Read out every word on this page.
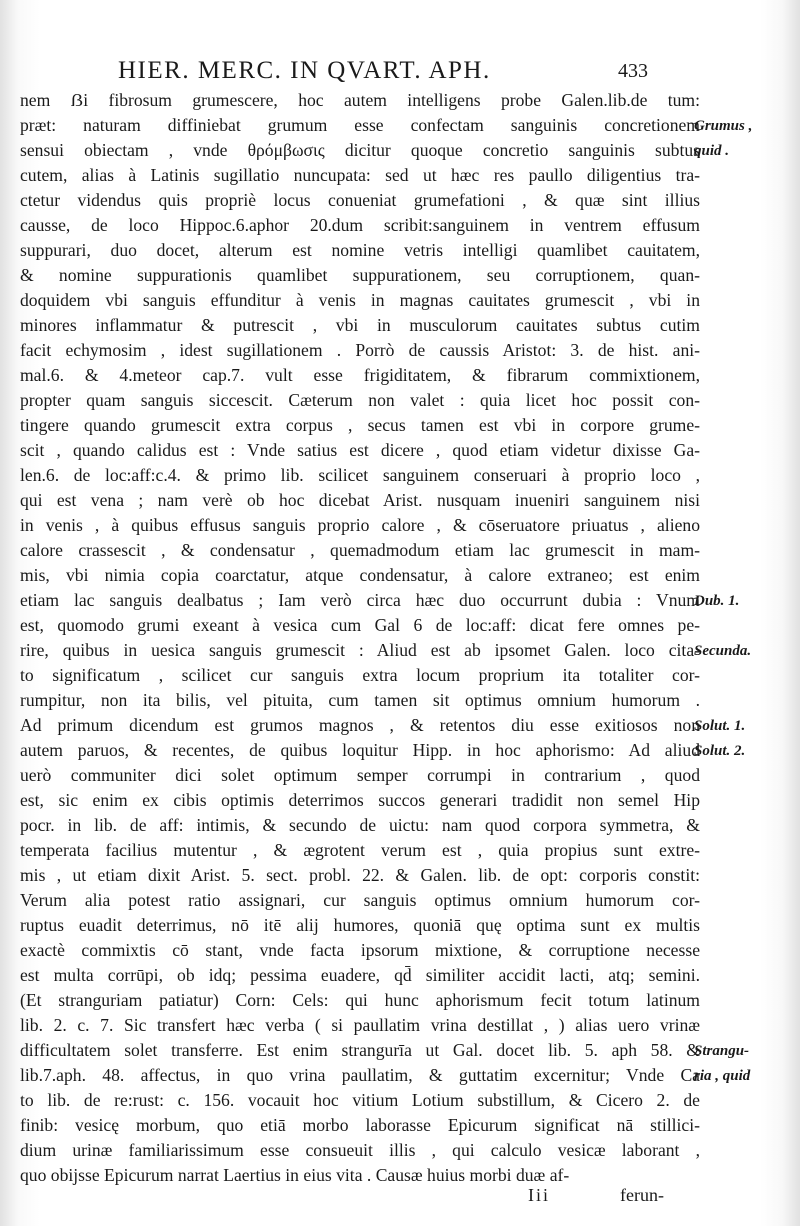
HIER. MERC. IN QVART. APH.	433
nem ẞi fibrosum grumescere, hoc autem intelligens probe Galen.lib.de tum:
præt: naturam diffiniebat grumum esse confectam sanguinis concretionem
sensui obiectam , vnde θρόμβωσις dicitur quoque concretio sanguinis subtus
cutem, alias à Latinis sugillatio nuncupata: sed ut hæc res paullo diligentius tra-
ctetur videndus quis propriè locus conueniat grumefationi , & quæ sint illius
causse, de loco Hippoc.6.aphor 20.dum scribit:sanguinem in ventrem effusum
suppurari, duo docet, alterum est nomine vetris intelligi quamlibet cauitatem,
& nomine suppurationis quamlibet suppurationem, seu corruptionem, quan-
doquidem vbi sanguis effunditur à venis in magnas cauitates grumescit , vbi in
minores inflammatur & putrescit , vbi in musculorum cauitates subtus cutim
facit echymosim , idest sugillationem . Porrò de caussis Aristot: 3. de hist. ani-
mal.6. & 4.meteor cap.7. vult esse frigiditatem, & fibrarum commixtionem,
propter quam sanguis siccescit. Cæterum non valet : quia licet hoc possit con-
tingere quando grumescit extra corpus , secus tamen est vbi in corpore grume-
scit , quando calidus est : Vnde satius est dicere , quod etiam videtur dixisse Ga-
len.6. de loc:aff:c.4. & primo lib. scilicet sanguinem conseruari à proprio loco ,
qui est vena ; nam verè ob hoc dicebat Arist. nusquam inueniri sanguinem nisi
in venis , à quibus effusus sanguis proprio calore , & cōseruatore priuatus , alieno
calore crassescit , & condensatur , quemadmodum etiam lac grumescit in mam-
mis, vbi nimia copia coarctatur, atque condensatur, à calore extraneo; est enim
etiam lac sanguis dealbatus ; Iam verò circa hæc duo occurrunt dubia : Vnum
est, quomodo grumi exeant à vesica cum Gal 6 de loc:aff: dicat fere omnes pe-
rire, quibus in uesica sanguis grumescit : Aliud est ab ipsomet Galen. loco cita-
to significatum , scilicet cur sanguis extra locum proprium ita totaliter cor-
rumpitur, non ita bilis, vel pituita, cum tamen sit optimus omnium humorum .
Ad primum dicendum est grumos magnos , & retentos diu esse exitiosos non
autem paruos, & recentes, de quibus loquitur Hipp. in hoc aphorismo: Ad aliud
uerò communiter dici solet optimum semper corrumpi in contrarium , quod
est, sic enim ex cibis optimis deterrimos succos generari tradidit non semel Hip
pocr. in lib. de aff: intimis, & secundo de uictu: nam quod corpora symmetra, &
temperata facilius mutentur , & ægrotent verum est , quia propius sunt extre-
mis , ut etiam dixit Arist. 5. sect. probl. 22. & Galen. lib. de opt: corporis constit:
Verum alia potest ratio assignari, cur sanguis optimus omnium humorum cor-
ruptus euadit deterrimus, nō itē alij humores, quoniā quę optima sunt ex multis
exactè commixtis cō stant, vnde facta ipsorum mixtione, & corruptione necesse
est multa corrūpi, ob idq; pessima euadere, qd̄ similiter accidit lacti, atq; semini.
(Et stranguriam patiatur) Corn: Cels: qui hunc aphorismum fecit totum latinum
lib. 2. c. 7. Sic transfert hæc verba ( si paullatim vrina destillat , ) alias uero vrinæ
difficultatem solet transferre. Est enim strangurīa ut Gal. docet lib. 5. aph 58. &
lib.7.aph. 48. affectus, in quo vrina paullatim, & guttatim excernitur; Vnde Ca
to lib. de re:rust: c. 156. vocauit hoc vitium Lotium substillum, & Cicero 2. de
finib: vesicę morbum, quo etiā morbo laborasse Epicurum significat nā stillici-
dium urinæ familiarissimum esse consueuit illis , qui calculo vesicæ laborant ,
quo obijsse Epicurum narrat Laertius in eius vita . Causæ huius morbi duæ af-
Grumus ,
quid .
Dub. 1.
Secunda.
Solut. 1.
Solut. 2.
Strangu-
ria , quid
Iii	ferun-
